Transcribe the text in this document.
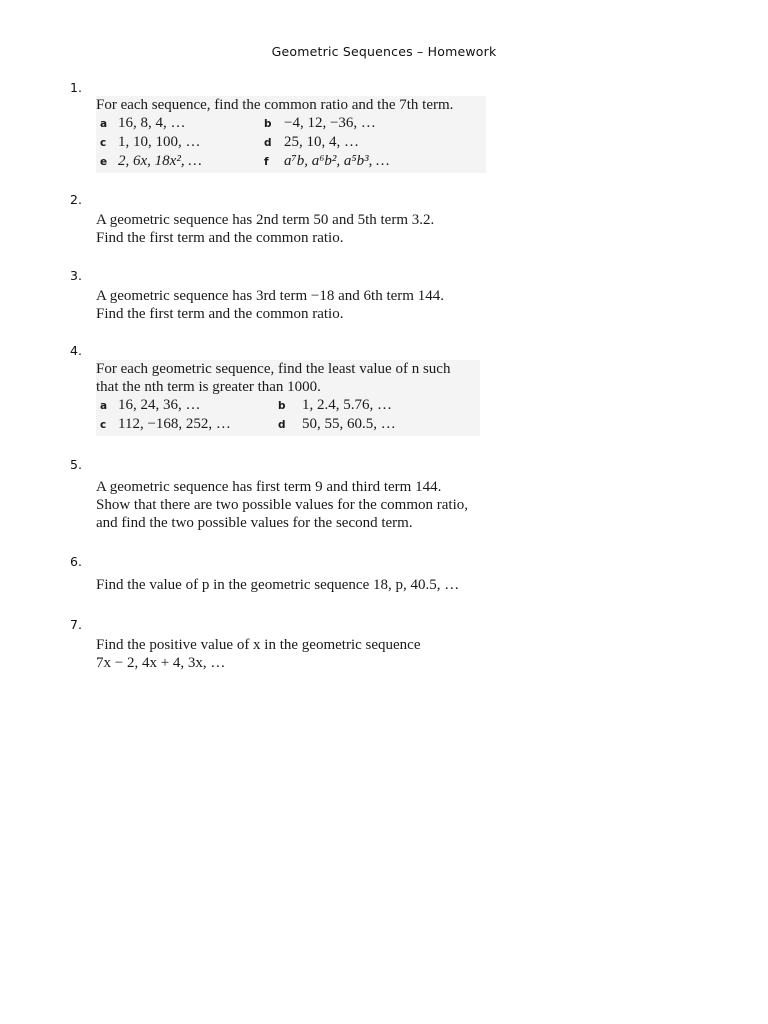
Geometric Sequences – Homework
1.
For each sequence, find the common ratio and the 7th term.
a 16, 8, 4, …	b −4, 12, −36, …
c 1, 10, 100, …	d 25, 10, 4, …
e 2, 6x, 18x², …	f a⁷b, a⁶b², a⁵b³, …
2.
A geometric sequence has 2nd term 50 and 5th term 3.2.
Find the first term and the common ratio.
3.
A geometric sequence has 3rd term −18 and 6th term 144.
Find the first term and the common ratio.
4.
For each geometric sequence, find the least value of n such
that the nth term is greater than 1000.
a 16, 24, 36, …	b 1, 2.4, 5.76, …
c 112, −168, 252, …	d 50, 55, 60.5, …
5.
A geometric sequence has first term 9 and third term 144.
Show that there are two possible values for the common ratio,
and find the two possible values for the second term.
6.
Find the value of p in the geometric sequence 18, p, 40.5, …
7.
Find the positive value of x in the geometric sequence
7x − 2, 4x + 4, 3x, …
